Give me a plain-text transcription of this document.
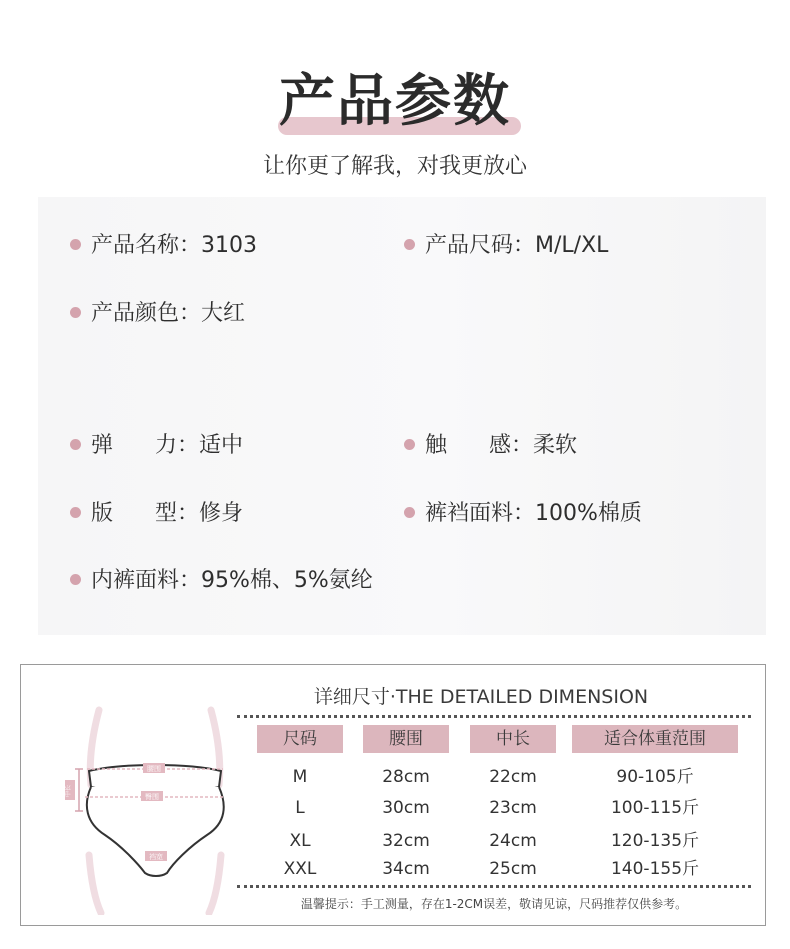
产品参数
让你更了解我，对我更放心
产品名称：3103	产品尺码：M/L/XL
产品颜色：大红
弹      力：适中	触      感：柔软
版      型：修身	裤裆面料：100%棉质
内裤面料：95%棉、5%氨纶
腰围
臀围
中长
裆宽
详细尺寸·THE DETAILED DIMENSION
尺码	腰围	中长	适合体重范围
M	28cm	22cm	90-105斤
L	30cm	23cm	100-115斤
XL	32cm	24cm	120-135斤
XXL	34cm	25cm	140-155斤
温馨提示：手工测量，存在1-2CM误差，敬请见谅，尺码推荐仅供参考。
